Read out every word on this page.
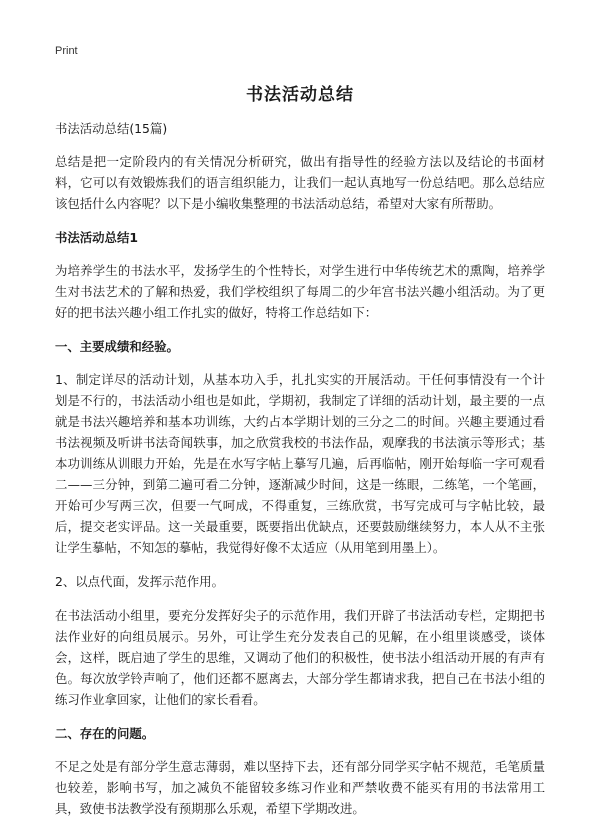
Print
书法活动总结

书法活动总结(15篇)

总结是把一定阶段内的有关情况分析研究，做出有指导性的经验方法以及结论的书面材料，它可以有效锻炼我们的语言组织能力，让我们一起认真地写一份总结吧。那么总结应该包括什么内容呢？以下是小编收集整理的书法活动总结，希望对大家有所帮助。

书法活动总结1

为培养学生的书法水平，发扬学生的个性特长，对学生进行中华传统艺术的熏陶，培养学生对书法艺术的了解和热爱，我们学校组织了每周二的少年宫书法兴趣小组活动。为了更好的把书法兴趣小组工作扎实的做好，特将工作总结如下：

一、主要成绩和经验。

1、制定详尽的活动计划，从基本功入手，扎扎实实的开展活动。干任何事情没有一个计划是不行的，书法活动小组也是如此，学期初，我制定了详细的活动计划，最主要的一点就是书法兴趣培养和基本功训练，大约占本学期计划的三分之二的时间。兴趣主要通过看书法视频及听讲书法奇闻轶事，加之欣赏我校的书法作品，观摩我的书法演示等形式；基本功训练从训眼力开始，先是在水写字帖上摹写几遍，后再临帖，刚开始每临一字可观看二——三分钟，到第二遍可看二分钟，逐渐减少时间，这是一练眼，二练笔，一个笔画，开始可少写两三次，但要一气呵成，不得重复，三练欣赏，书写完成可与字帖比较，最后，提交老实评品。这一关最重要，既要指出优缺点，还要鼓励继续努力，本人从不主张让学生摹帖，不知怎的摹帖，我觉得好像不太适应（从用笔到用墨上）。

2、以点代面，发挥示范作用。

在书法活动小组里，要充分发挥好尖子的示范作用，我们开辟了书法活动专栏，定期把书法作业好的向组员展示。另外，可让学生充分发表自己的见解，在小组里谈感受，谈体会，这样，既启迪了学生的思维，又调动了他们的积极性，使书法小组活动开展的有声有色。每次放学铃声响了，他们还都不愿离去，大部分学生都请求我，把自己在书法小组的练习作业拿回家，让他们的家长看看。

二、存在的问题。

不足之处是有部分学生意志薄弱，难以坚持下去，还有部分同学买字帖不规范，毛笔质量也较差，影响书写，加之减负不能留较多练习作业和严禁收费不能买有用的书法常用工具，致使书法教学没有预期那么乐观，希望下学期改进。
